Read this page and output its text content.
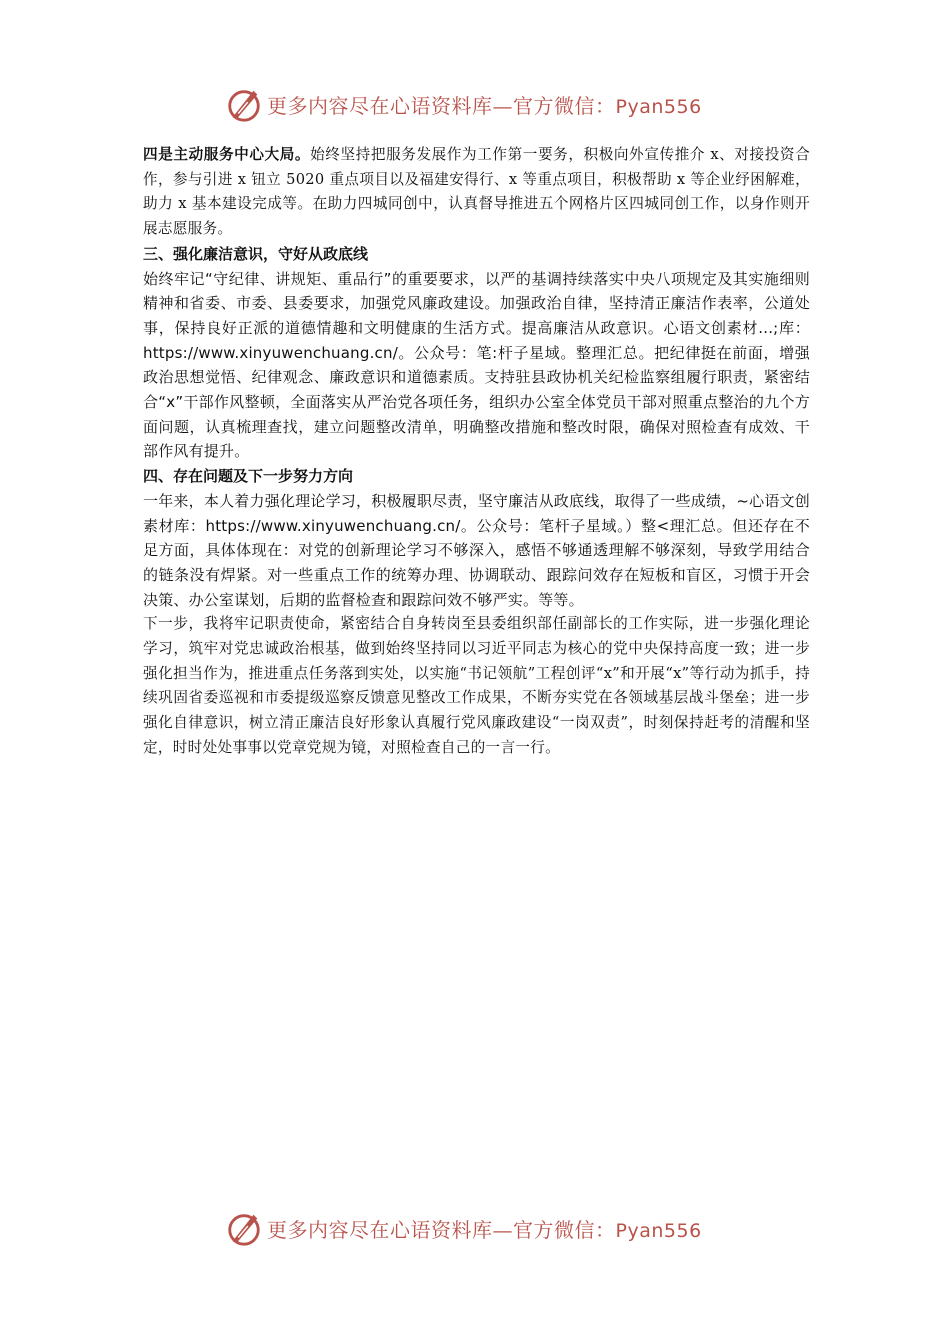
更多内容尽在心语资料库—官方微信：Pyan556

四是主动服务中心大局。始终坚持把服务发展作为工作第一要务，积极向外宣传推介 x、对接投资合作，参与引进 x 钮立 5020 重点项目以及福建安得行、x 等重点项目，积极帮助 x 等企业纾困解难，助力 x 基本建设完成等。在助力四城同创中，认真督导推进五个网格片区四城同创工作，以身作则开展志愿服务。

三、强化廉洁意识，守好从政底线

始终牢记“守纪律、讲规矩、重品行”的重要要求，以严的基调持续落实中央八项规定及其实施细则精神和省委、市委、县委要求，加强党风廉政建设。加强政治自律，坚持清正廉洁作表率，公道处事，保持良好正派的道德情趣和文明健康的生活方式。提高廉洁从政意识。心语文创素材...;库：https://www.xinyuwenchuang.cn/。公众号：笔:杆子星域。整理汇总。把纪律挺在前面，增强政治思想觉悟、纪律观念、廉政意识和道德素质。支持驻县政协机关纪检监察组履行职责，紧密结合“x”干部作风整顿，全面落实从严治党各项任务，组织办公室全体党员干部对照重点整治的九个方面问题，认真梳理查找，建立问题整改清单，明确整改措施和整改时限，确保对照检查有成效、干部作风有提升。

四、存在问题及下一步努力方向

一年来，本人着力强化理论学习，积极履职尽责，坚守廉洁从政底线，取得了一些成绩，~心语文创素材库：https://www.xinyuwenchuang.cn/。公众号：笔杆子星域。）整<理汇总。但还存在不足方面，具体体现在：对党的创新理论学习不够深入，感悟不够通透理解不够深刻，导致学用结合的链条没有焊紧。对一些重点工作的统筹办理、协调联动、跟踪问效存在短板和盲区，习惯于开会决策、办公室谋划，后期的监督检查和跟踪问效不够严实。等等。

下一步，我将牢记职责使命，紧密结合自身转岗至县委组织部任副部长的工作实际，进一步强化理论学习，筑牢对党忠诚政治根基，做到始终坚持同以习近平同志为核心的党中央保持高度一致；进一步强化担当作为，推进重点任务落到实处，以实施“书记领航”工程创评“x”和开展“x”等行动为抓手，持续巩固省委巡视和市委提级巡察反馈意见整改工作成果，不断夯实党在各领域基层战斗堡垒；进一步强化自律意识，树立清正廉洁良好形象认真履行党风廉政建设“一岗双责”，时刻保持赶考的清醒和坚定，时时处处事事以党章党规为镜，对照检查自己的一言一行。

更多内容尽在心语资料库—官方微信：Pyan556
